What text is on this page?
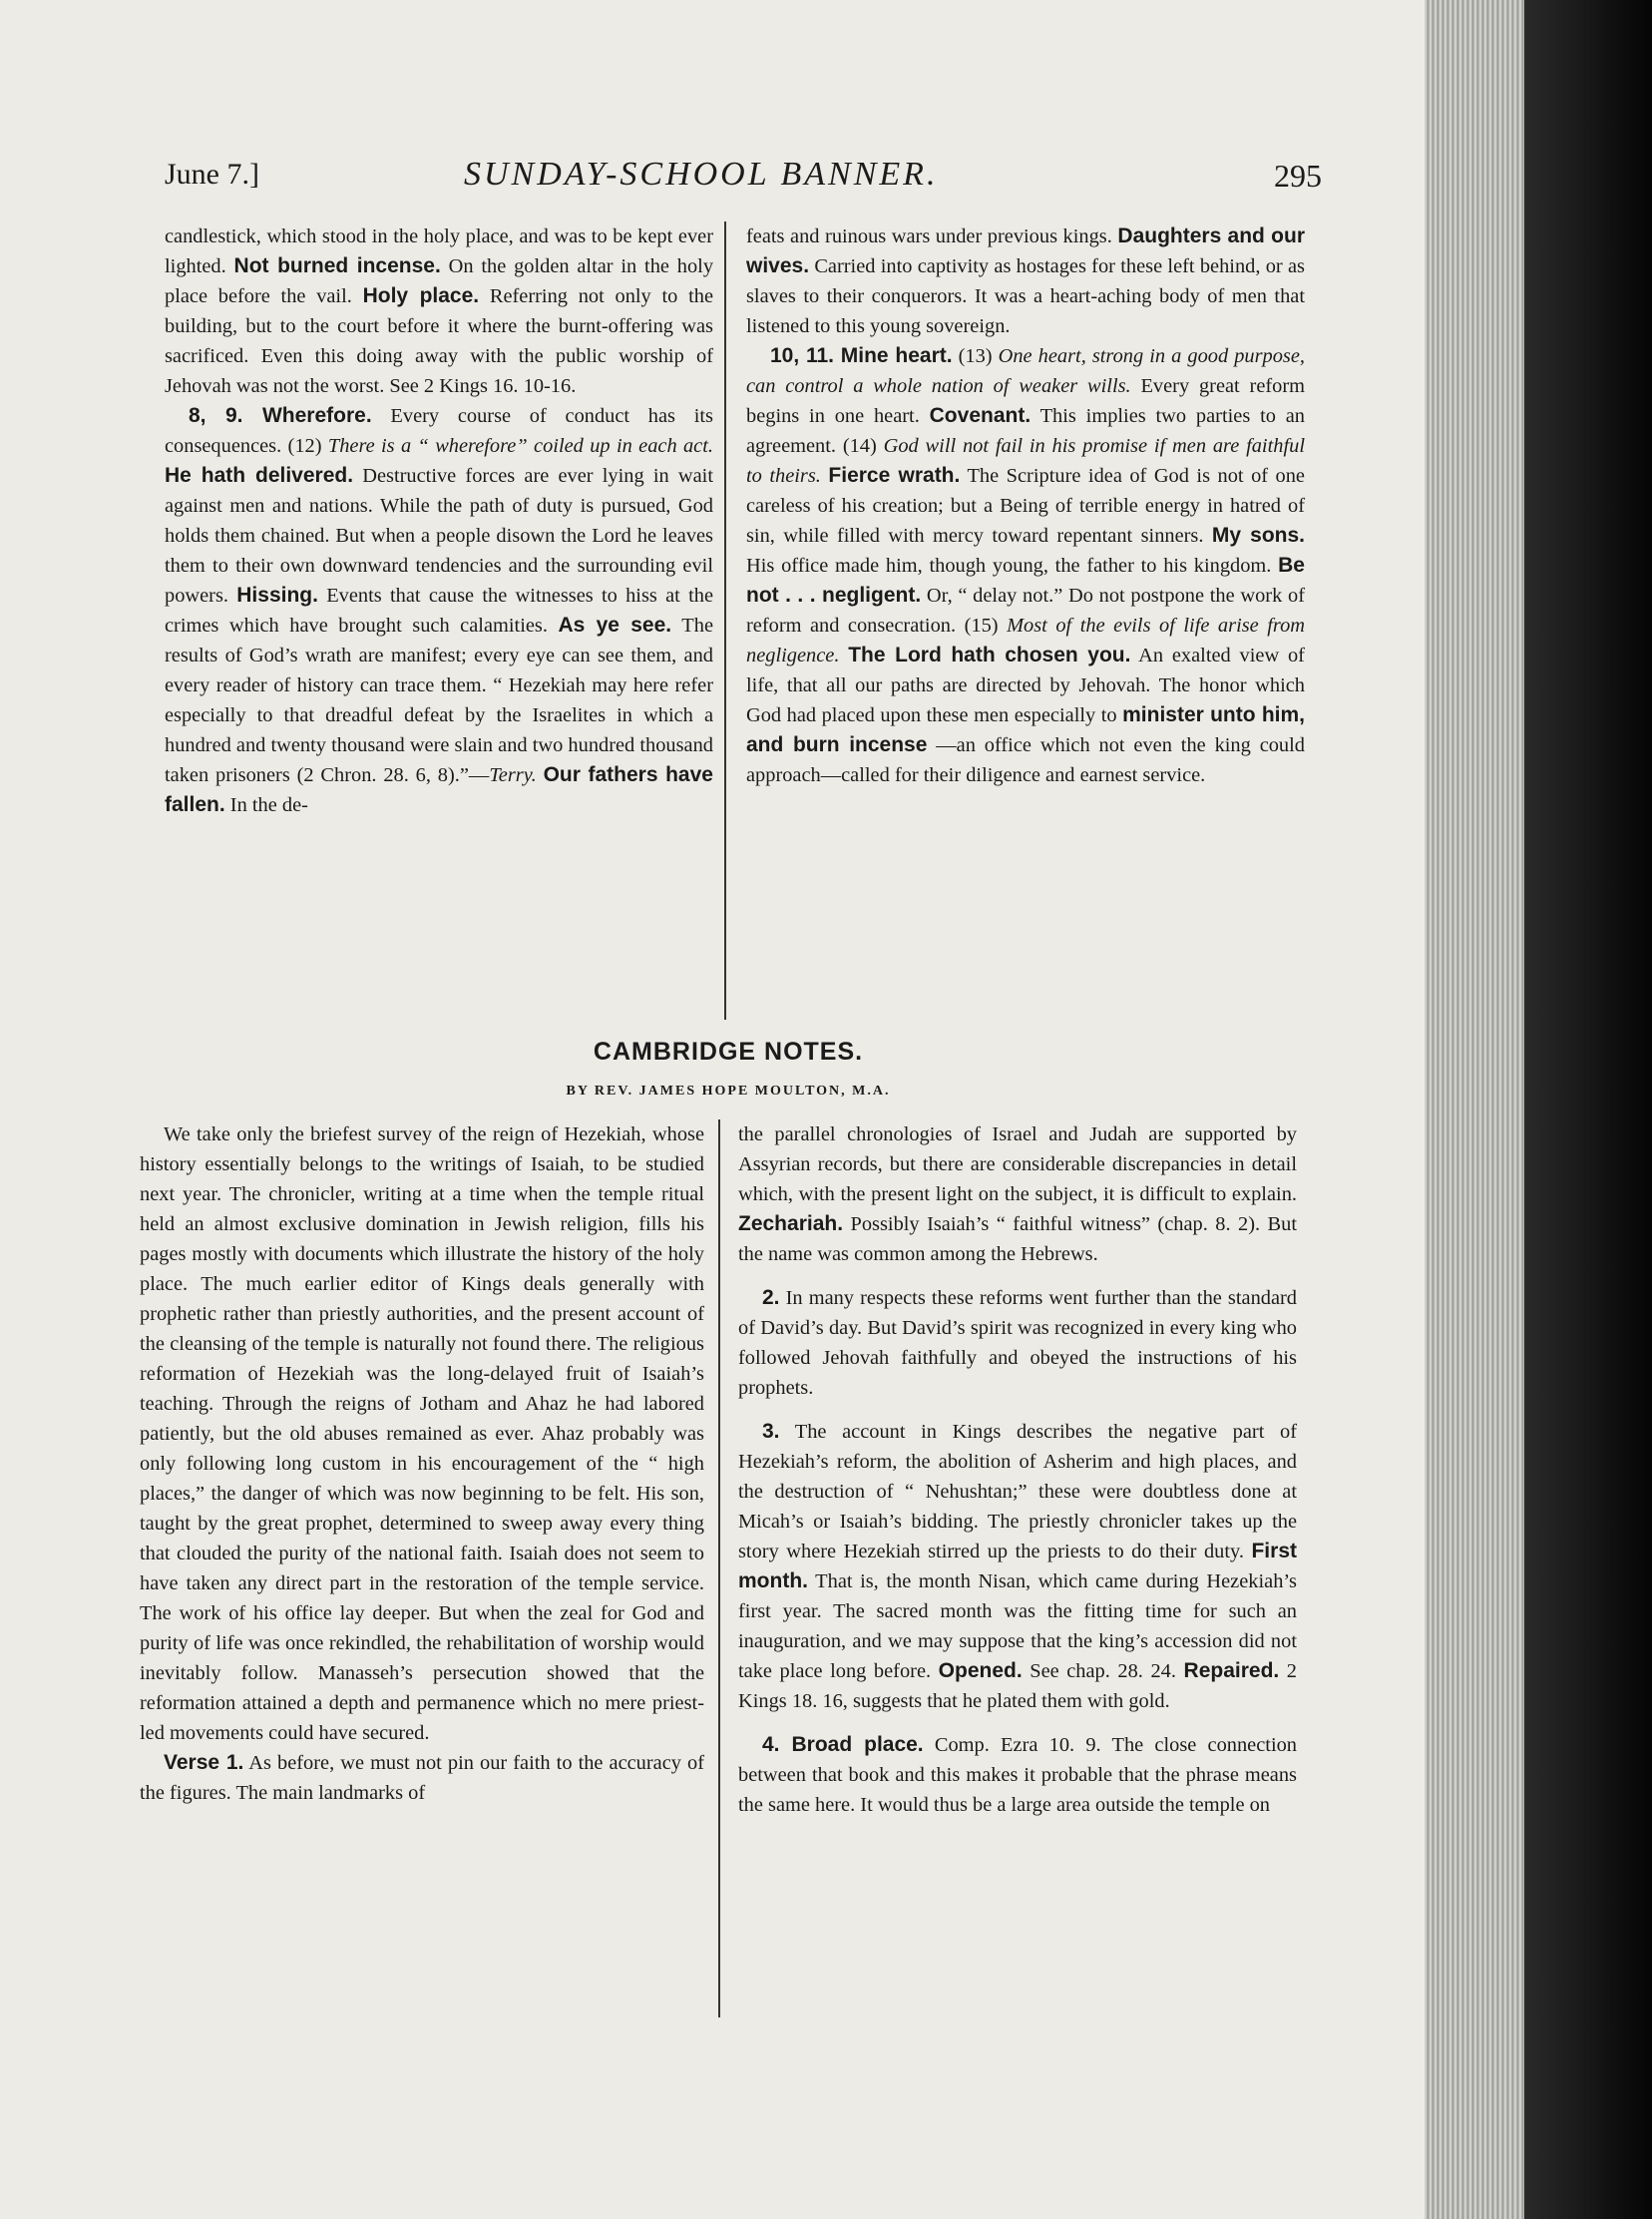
June 7.]	SUNDAY-SCHOOL BANNER.	295

candlestick, which stood in the holy place, and was to be kept ever lighted. Not burned incense. On the golden altar in the holy place before the vail. Holy place. Referring not only to the building, but to the court before it where the burnt-offering was sacrificed. Even this doing away with the public worship of Jehovah was not the worst. See 2 Kings 16. 10-16.

8, 9. Wherefore. Every course of conduct has its consequences. (12) There is a “ wherefore” coiled up in each act. He hath delivered. Destructive forces are ever lying in wait against men and nations. While the path of duty is pursued, God holds them chained. But when a people disown the Lord he leaves them to their own downward tendencies and the surrounding evil powers. Hissing. Events that cause the witnesses to hiss at the crimes which have brought such calamities. As ye see. The results of God’s wrath are manifest; every eye can see them, and every reader of history can trace them. “ Hezekiah may here refer especially to that dreadful defeat by the Israelites in which a hundred and twenty thousand were slain and two hundred thousand taken prisoners (2 Chron. 28. 6, 8).”—Terry. Our fathers have fallen. In the de-

feats and ruinous wars under previous kings. Daughters and our wives. Carried into captivity as hostages for these left behind, or as slaves to their conquerors. It was a heart-aching body of men that listened to this young sovereign.

10, 11. Mine heart. (13) One heart, strong in a good purpose, can control a whole nation of weaker wills. Every great reform begins in one heart. Covenant. This implies two parties to an agreement. (14) God will not fail in his promise if men are faithful to theirs. Fierce wrath. The Scripture idea of God is not of one careless of his creation; but a Being of terrible energy in hatred of sin, while filled with mercy toward repentant sinners. My sons. His office made him, though young, the father to his kingdom. Be not . . . negligent. Or, “ delay not.” Do not postpone the work of reform and consecration. (15) Most of the evils of life arise from negligence. The Lord hath chosen you. An exalted view of life, that all our paths are directed by Jehovah. The honor which God had placed upon these men especially to minister unto him, and burn incense —an office which not even the king could approach—called for their diligence and earnest service.

CAMBRIDGE NOTES.
BY REV. JAMES HOPE MOULTON, M.A.

We take only the briefest survey of the reign of Hezekiah, whose history essentially belongs to the writings of Isaiah, to be studied next year. The chronicler, writing at a time when the temple ritual held an almost exclusive domination in Jewish religion, fills his pages mostly with documents which illustrate the history of the holy place. The much earlier editor of Kings deals generally with prophetic rather than priestly authorities, and the present account of the cleansing of the temple is naturally not found there. The religious reformation of Hezekiah was the long-delayed fruit of Isaiah’s teaching. Through the reigns of Jotham and Ahaz he had labored patiently, but the old abuses remained as ever. Ahaz probably was only following long custom in his encouragement of the “ high places,” the danger of which was now beginning to be felt. His son, taught by the great prophet, determined to sweep away every thing that clouded the purity of the national faith. Isaiah does not seem to have taken any direct part in the restoration of the temple service. The work of his office lay deeper. But when the zeal for God and purity of life was once rekindled, the rehabilitation of worship would inevitably follow. Manasseh’s persecution showed that the reformation attained a depth and permanence which no mere priest-led movements could have secured.

Verse 1. As before, we must not pin our faith to the accuracy of the figures. The main landmarks of

the parallel chronologies of Israel and Judah are supported by Assyrian records, but there are considerable discrepancies in detail which, with the present light on the subject, it is difficult to explain. Zechariah. Possibly Isaiah’s “ faithful witness” (chap. 8. 2). But the name was common among the Hebrews.

2. In many respects these reforms went further than the standard of David’s day. But David’s spirit was recognized in every king who followed Jehovah faithfully and obeyed the instructions of his prophets.

3. The account in Kings describes the negative part of Hezekiah’s reform, the abolition of Asherim and high places, and the destruction of “ Nehushtan;” these were doubtless done at Micah’s or Isaiah’s bidding. The priestly chronicler takes up the story where Hezekiah stirred up the priests to do their duty. First month. That is, the month Nisan, which came during Hezekiah’s first year. The sacred month was the fitting time for such an inauguration, and we may suppose that the king’s accession did not take place long before. Opened. See chap. 28. 24. Repaired. 2 Kings 18. 16, suggests that he plated them with gold.

4. Broad place. Comp. Ezra 10. 9. The close connection between that book and this makes it probable that the phrase means the same here. It would thus be a large area outside the temple on
